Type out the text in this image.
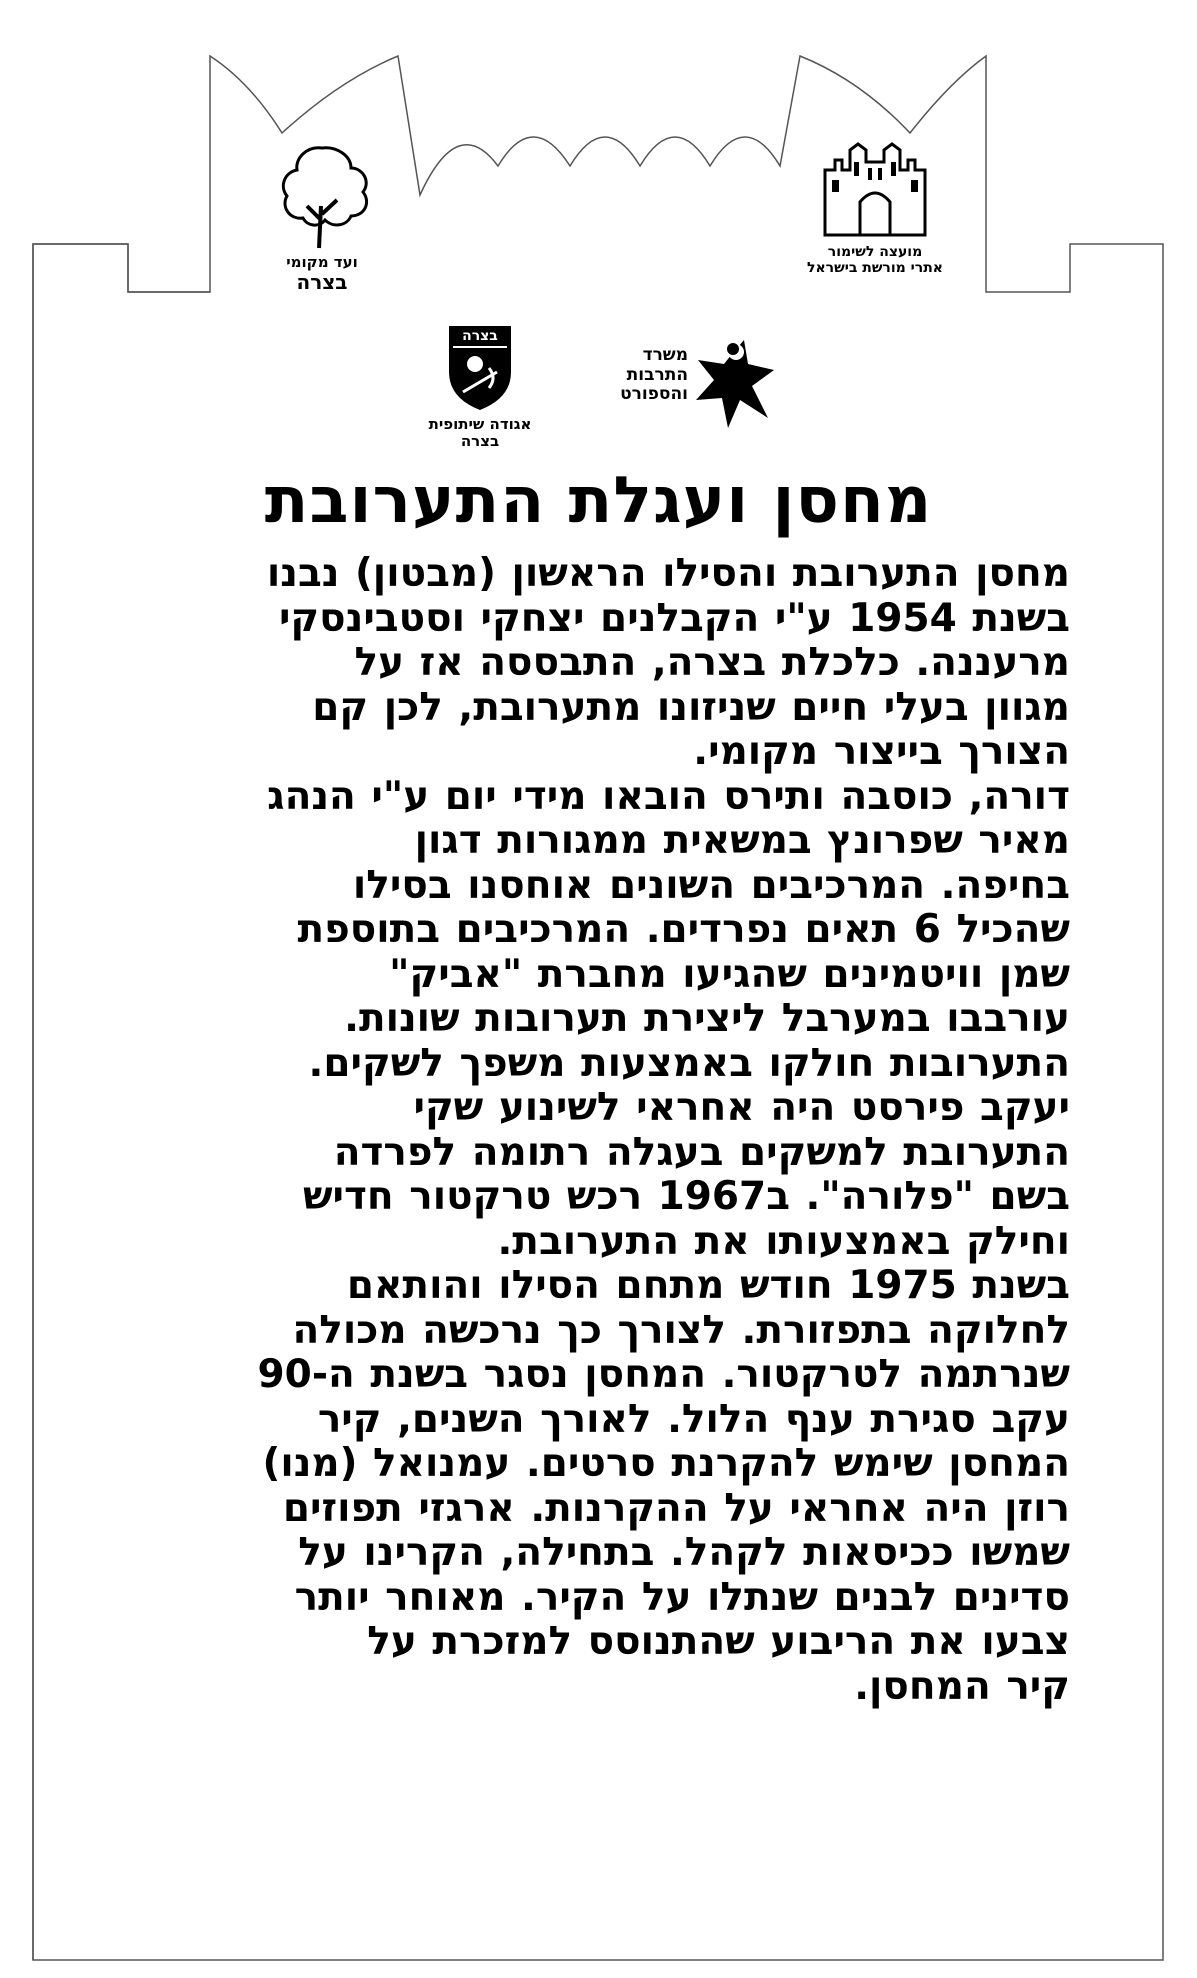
ועד מקומי
בצרה
מועצה לשימור
אתרי מורשת בישראל
בצרה
אגודה שיתופית
בצרה
משרד
התרבות
והספורט
מחסן ועגלת התערובת
מחסן התערובת והסילו הראשון (מבטון) נבנו
בשנת 1954 ע"י הקבלנים יצחקי וסטבינסקי
מרעננה. כלכלת בצרה, התבססה אז על
מגוון בעלי חיים שניזונו מתערובת, לכן קם
הצורך בייצור מקומי.
דורה, כוסבה ותירס הובאו מידי יום ע"י הנהג
מאיר שפרונץ במשאית ממגורות דגון
בחיפה. המרכיבים השונים אוחסנו בסילו
שהכיל 6 תאים נפרדים. המרכיבים בתוספת
שמן וויטמינים שהגיעו מחברת "אביק"
עורבבו במערבל ליצירת תערובות שונות.
התערובות חולקו באמצעות משפך לשקים.
יעקב פירסט היה אחראי לשינוע שקי
התערובת למשקים בעגלה רתומה לפרדה
בשם "פלורה". ב1967 רכש טרקטור חדיש
וחילק באמצעותו את התערובת.
בשנת 1975 חודש מתחם הסילו והותאם
לחלוקה בתפזורת. לצורך כך נרכשה מכולה
שנרתמה לטרקטור. המחסן נסגר בשנת ה-90
עקב סגירת ענף הלול. לאורך השנים, קיר
המחסן שימש להקרנת סרטים. עמנואל (מנו)
רוזן היה אחראי על ההקרנות. ארגזי תפוזים
שמשו ככיסאות לקהל. בתחילה, הקרינו על
סדינים לבנים שנתלו על הקיר. מאוחר יותר
צבעו את הריבוע שהתנוסס למזכרת על
קיר המחסן.
